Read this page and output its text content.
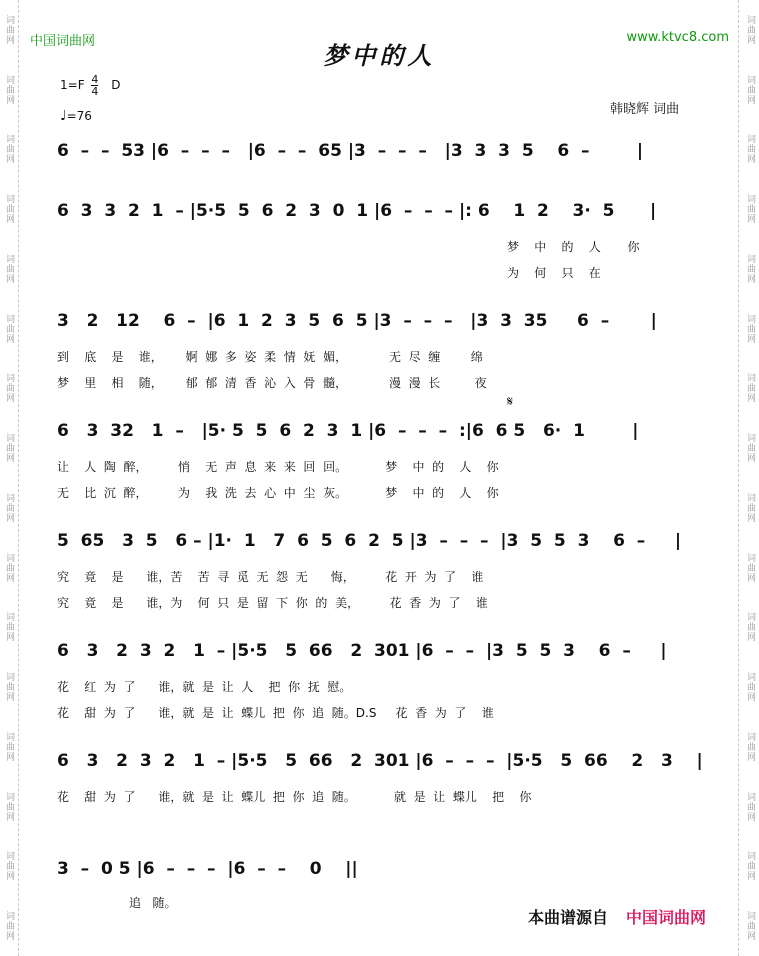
词曲网
词曲网
词曲网
词曲网
词曲网
词曲网
词曲网
词曲网
词曲网
词曲网
词曲网
词曲网
词曲网
词曲网
词曲网
词曲网
词曲网
词曲网
词曲网
词曲网
词曲网
词曲网
词曲网
词曲网
词曲网
词曲网
词曲网
词曲网
词曲网
词曲网
词曲网
词曲网
中国词曲网	www.ktvc8.com
梦中的人
$1=F \frac{4}{4}$ D
♩=76	韩晓辉 词曲
6  –  –  53 |6  –  –  –   |6  –  –  65 |3  –  –  –   |3  3  3  5    6  –        |
6  3  3  2  1  – |5·5  5  6  2  3  0  1 |6  –  –  – |: 6    1  2    3·  5      |
梦    中    的    人       你
为    何    只    在
3   2   12    6  –  |6  1  2  3  5  6  5 |3  –  –  –   |3  3  35     6  –       |
到    底    是    谁，      婀  娜  多  姿  柔  情  妩  媚，           无  尽  缠        绵
梦    里    相    随，      郁  郁  清  香  沁  入  骨  髓，           漫  漫  长         夜
𝄋
6   3  32   1  –   |5· 5  5  6  2  3  1 |6  –  –  –  :|6  6 5   6·  1        |
让    人  陶  醉，        悄    无  声  息  来  来  回  回。          梦    中  的    人    你
无    比  沉  醉，        为    我  洗  去  心  中  尘  灰。          梦    中  的    人    你
5  65   3  5   6 – |1·  1   7  6  5  6  2  5 |3  –  –  –  |3  5  5  3    6  –     |
究    竟    是      谁，苦    苦  寻  觅  无  怨  无      悔，        花  开  为  了    谁
究    竟    是      谁，为    何  只  是  留  下  你  的  美，        花  香  为  了    谁
6   3   2  3  2   1  – |5·5   5  66   2  301 |6  –  –  |3  5  5  3    6  –     |
花    红  为  了      谁，就  是  让  人    把  你  抚  慰。
花    甜  为  了      谁，就  是  让  蝶儿  把  你  追  随。D.S     花  香  为  了    谁
6   3   2  3  2   1  – |5·5   5  66   2  301 |6  –  –  –  |5·5   5  66    2   3    |
花    甜  为  了      谁，就  是  让  蝶儿  把  你  追  随。          就  是  让  蝶儿    把    你
3  –  0 5 |6  –  –  –  |6  –  –    0    ||
追   随。
本曲谱源自 中国词曲网
